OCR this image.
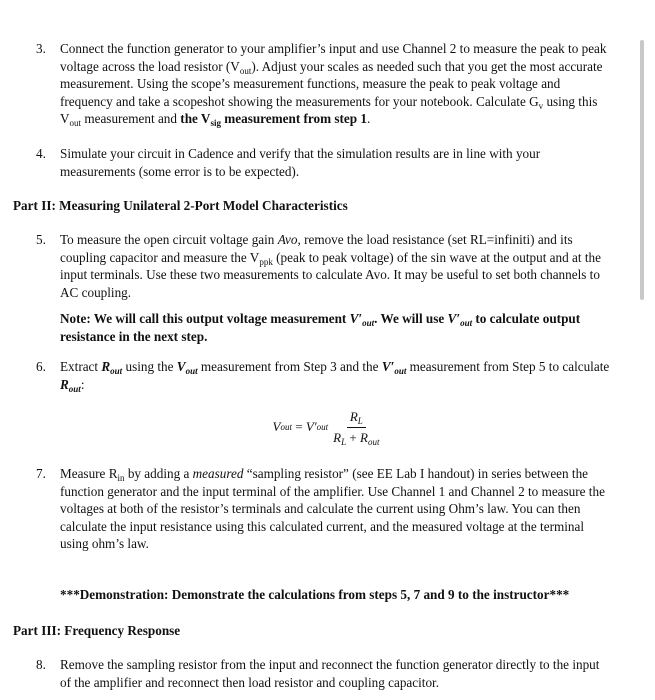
3.	Connect the function generator to your amplifier’s input and use Channel 2 to measure the peak to peak voltage across the load resistor $(V_{out})$. Adjust your scales as needed such that you get the most accurate measurement. Using the scope’s measurement functions, measure the peak to peak voltage and frequency and take a scopeshot showing the measurements for your notebook. Calculate $G_v$ using this $V_{out}$ measurement and the $V_{sig}$ measurement from step 1.
4.	Simulate your circuit in Cadence and verify that the simulation results are in line with your measurements (some error is to be expected).
Part II: Measuring Unilateral 2-Port Model Characteristics
5.	To measure the open circuit voltage gain Avo, remove the load resistance (set RL=infiniti) and its coupling capacitor and measure the $V_{ppk}$ (peak to peak voltage) of the sin wave at the output and at the input terminals. Use these two measurements to calculate Avo. It may be useful to set both channels to AC coupling.
Note: We will call this output voltage measurement $V'_{out}$. We will use $V'_{out}$ to calculate output resistance in the next step.
6.	Extract $R_{out}$ using the $V_{out}$ measurement from Step 3 and the $V'_{out}$ measurement from Step 5 to calculate $R_{out}$:
V out = V′ out $\frac{R_L}{R_L + R_{out}}$
7.	Measure $R_{in}$ by adding a measured “sampling resistor” (see EE Lab I handout) in series between the function generator and the input terminal of the amplifier. Use Channel 1 and Channel 2 to measure the voltages at both of the resistor’s terminals and calculate the current using Ohm’s law. You can then calculate the input resistance using this calculated current, and the measured voltage at the terminal using ohm’s law.
***Demonstration: Demonstrate the calculations from steps 5, 7 and 9 to the instructor***
Part III: Frequency Response
8.	Remove the sampling resistor from the input and reconnect the function generator directly to the input of the amplifier and reconnect then load resistor and coupling capacitor.
